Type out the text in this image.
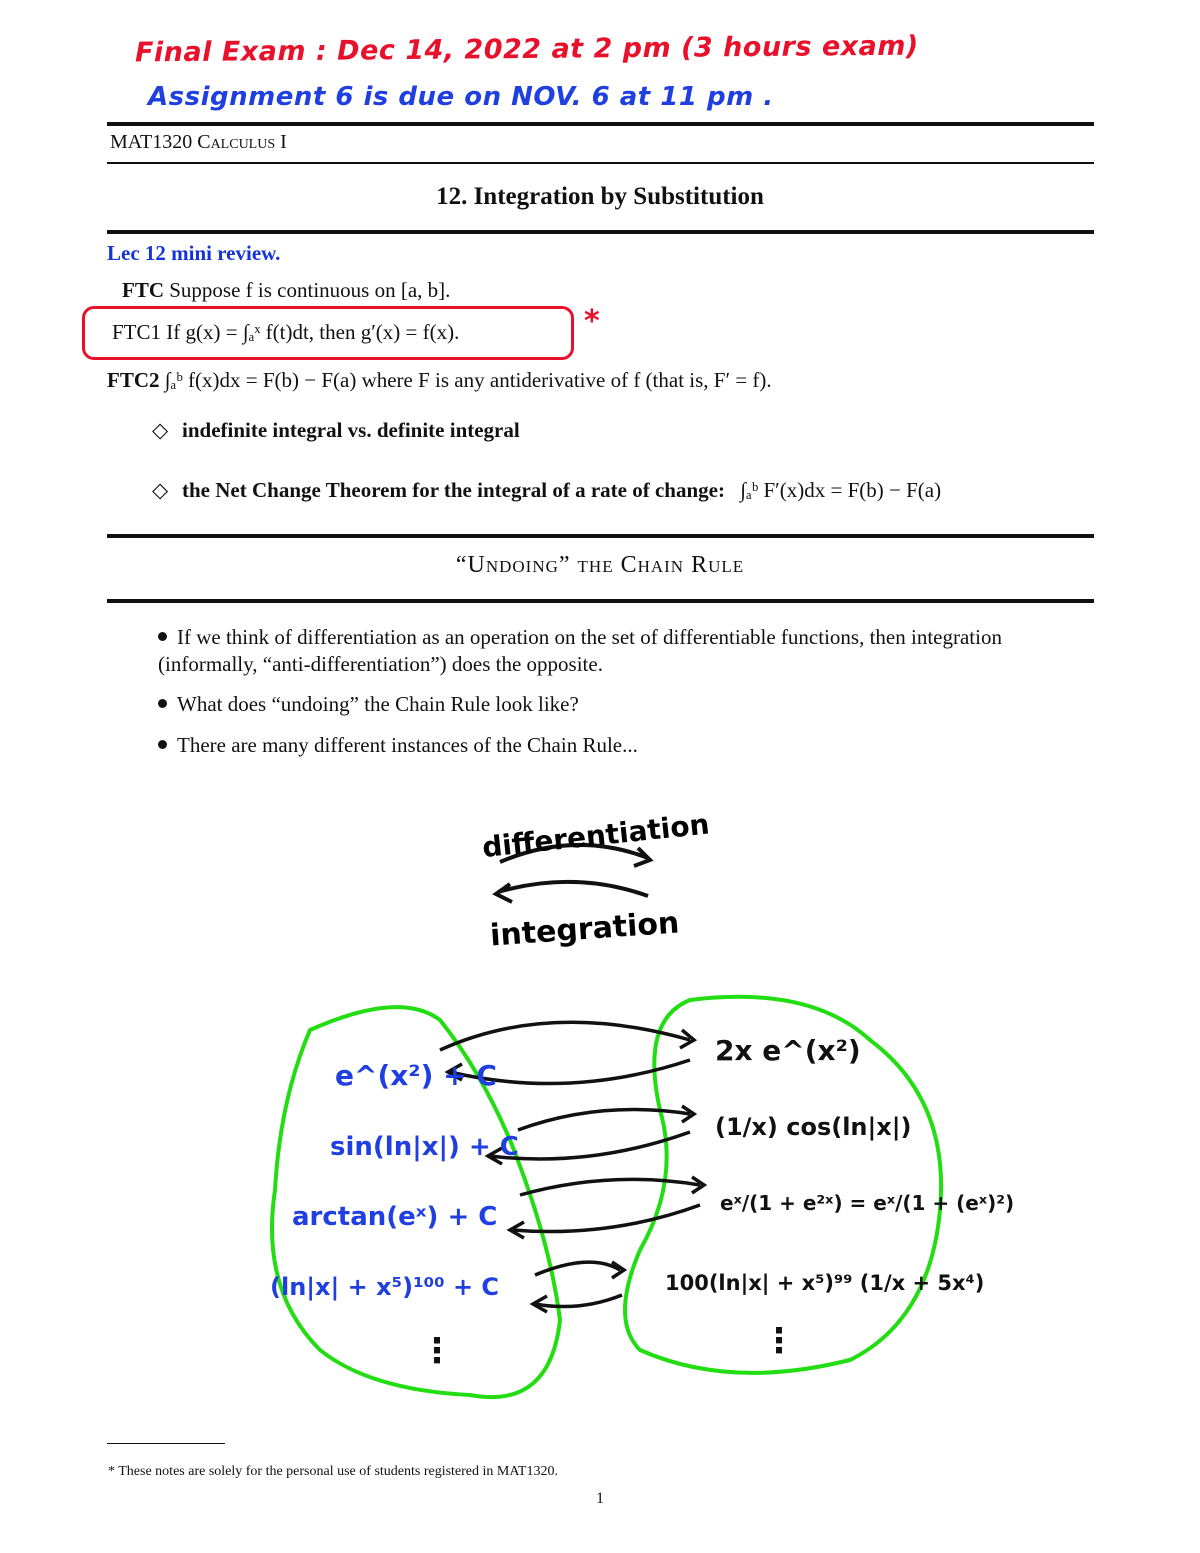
Final Exam : Dec 14, 2022 at 2 pm (3 hours exam)
Assignment 6 is due on NOV. 6 at 11 pm .
MAT1320 Calculus I
12. Integration by Substitution
Lec 12 mini review.
FTC Suppose f is continuous on [a, b].
FTC1 If g(x) = ∫ₐˣ f(t)dt, then g′(x) = f(x).	*
FTC2 ∫ₐᵇ f(x)dx = F(b) − F(a) where F is any antiderivative of f (that is, F′ = f).
◇ indefinite integral vs. definite integral
◇ the Net Change Theorem for the integral of a rate of change: ∫ₐᵇ F′(x)dx = F(b) − F(a)
“Undoing” the Chain Rule
If we think of differentiation as an operation on the set of differentiable functions, then integration (informally, “anti-differentiation”) does the opposite.
What does “undoing” the Chain Rule look like?
There are many different instances of the Chain Rule...
differentiation
integration
e^(x²) + C
sin(ln|x|) + C
arctan(eˣ) + C
(ln|x| + x⁵)¹⁰⁰ + C
2x e^(x²)
(1/x) cos(ln|x|)
eˣ/(1 + e²ˣ) = eˣ/(1 + (eˣ)²)
100(ln|x| + x⁵)⁹⁹ (1/x + 5x⁴)
⋮	⋮
* These notes are solely for the personal use of students registered in MAT1320.
1
